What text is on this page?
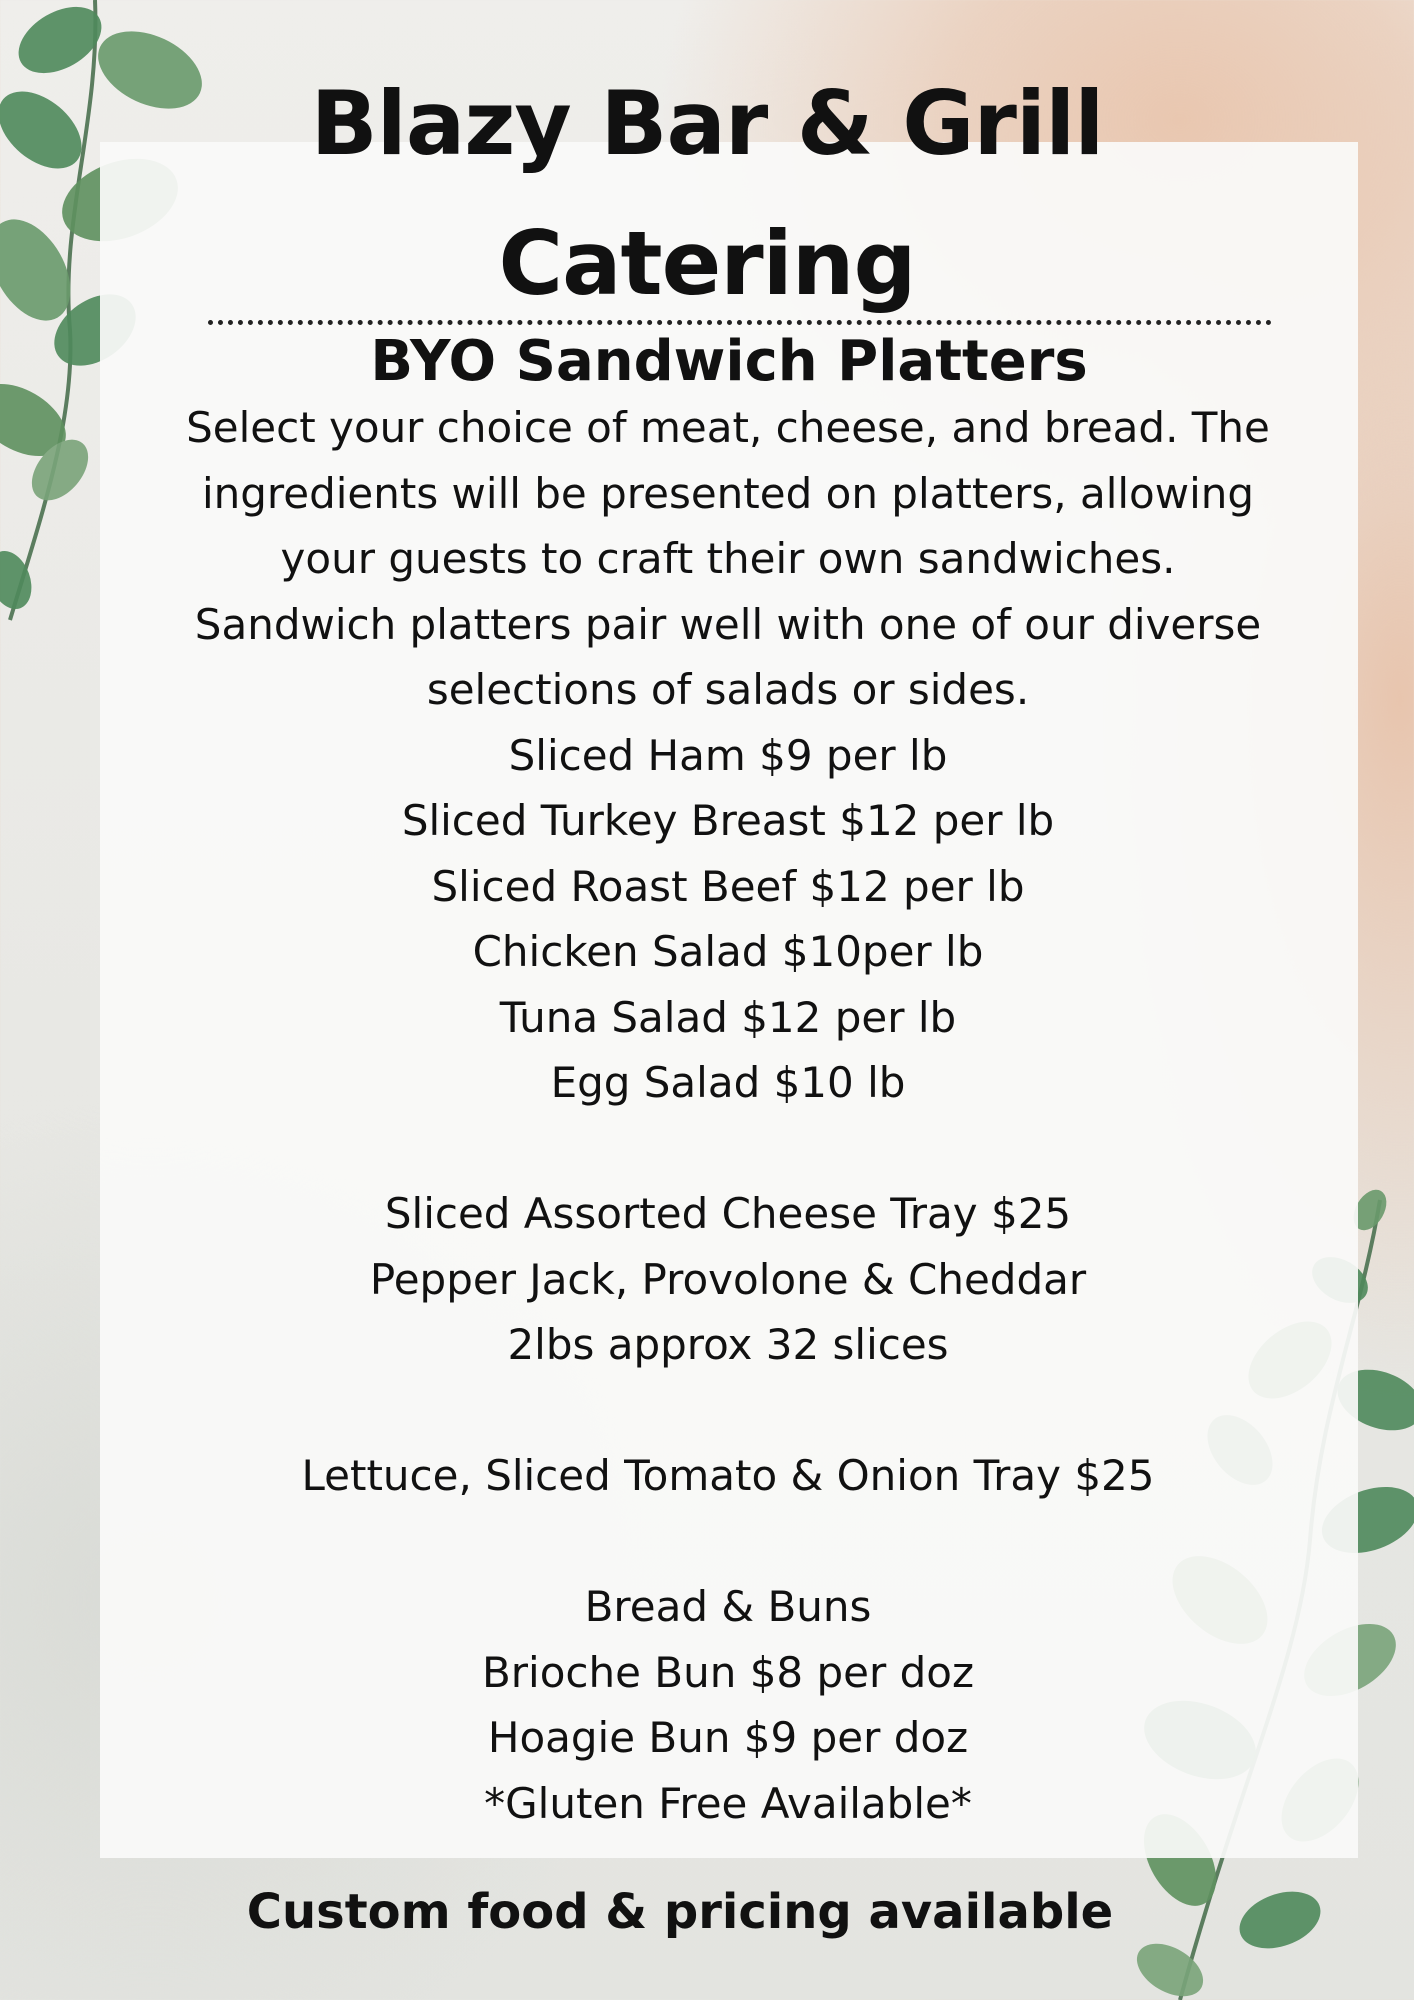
Blazy Bar & Grill
Catering
BYO Sandwich Platters

Select your choice of meat, cheese, and bread. The

ingredients will be presented on platters, allowing

your guests to craft their own sandwiches.

Sandwich platters pair well with one of our diverse

selections of salads or sides.

Sliced Ham $9 per lb

Sliced Turkey Breast $12 per lb

Sliced Roast Beef $12 per lb

Chicken Salad $10per lb

Tuna Salad $12 per lb

Egg Salad $10 lb

Sliced Assorted Cheese Tray $25

Pepper Jack, Provolone & Cheddar

2lbs approx 32 slices

Lettuce, Sliced Tomato & Onion Tray $25

Bread & Buns

Brioche Bun $8 per doz

Hoagie Bun $9 per doz

*Gluten Free Available*

Custom food & pricing available
